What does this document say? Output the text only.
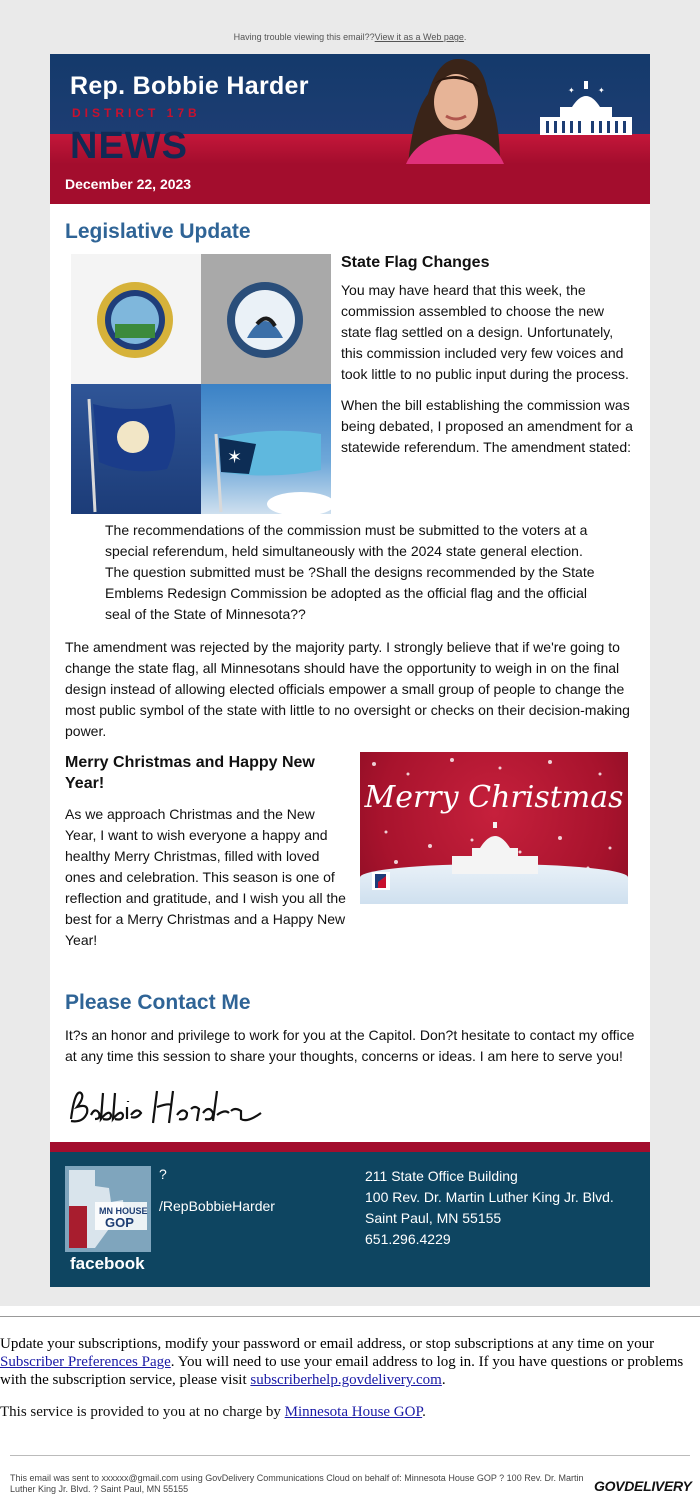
Having trouble viewing this email??View it as a Web page.
Rep. Bobbie Harder
DISTRICT 17B
NEWS
✦	✦
December 22, 2023
Legislative Update
✶
State Flag Changes

You may have heard that this week, the commission assembled to choose the new state flag settled on a design. Unfortunately, this commission included very few voices and took little to no public input during the process.

When the bill establishing the commission was being debated, I proposed an amendment for a statewide referendum. The amendment stated:

The recommendations of the commission must be submitted to the voters at a special referendum, held simultaneously with the 2024 state general election. The question submitted must be ?Shall the designs recommended by the State Emblems Redesign Commission be adopted as the official flag and the official seal of the State of Minnesota??

The amendment was rejected by the majority party. I strongly believe that if we're going to change the state flag, all Minnesotans should have the opportunity to weigh in on the final design instead of allowing elected officials empower a small group of people to change the most public symbol of the state with little to no oversight or checks on their decision-making power.

Merry Christmas
Merry Christmas and Happy New Year!

As we approach Christmas and the New Year, I want to wish everyone a happy and healthy Merry Christmas, filled with loved ones and celebration. This season is one of reflection and gratitude, and I wish you all the best for a Merry Christmas and a Happy New Year!

Please Contact Me

It?s an honor and privilege to work for you at the Capitol. Don?t hesitate to contact my office at any time this session to share your thoughts, concerns or ideas. I am here to serve you!

Bobbie Harder
MN HOUSE
GOP
facebook
?
/RepBobbieHarder
211 State Office Building
100 Rev. Dr. Martin Luther King Jr. Blvd.
Saint Paul, MN 55155
651.296.4229

Update your subscriptions, modify your password or email address, or stop subscriptions at any time on your Subscriber Preferences Page. You will need to use your email address to log in. If you have questions or problems with the subscription service, please visit subscriberhelp.govdelivery.com.

This service is provided to you at no charge by Minnesota House GOP.

This email was sent to xxxxxx@gmail.com using GovDelivery Communications Cloud on behalf of: Minnesota House GOP ? 100 Rev. Dr. Martin Luther King Jr. Blvd. ? Saint Paul, MN 55155	GOVDELIVERY
